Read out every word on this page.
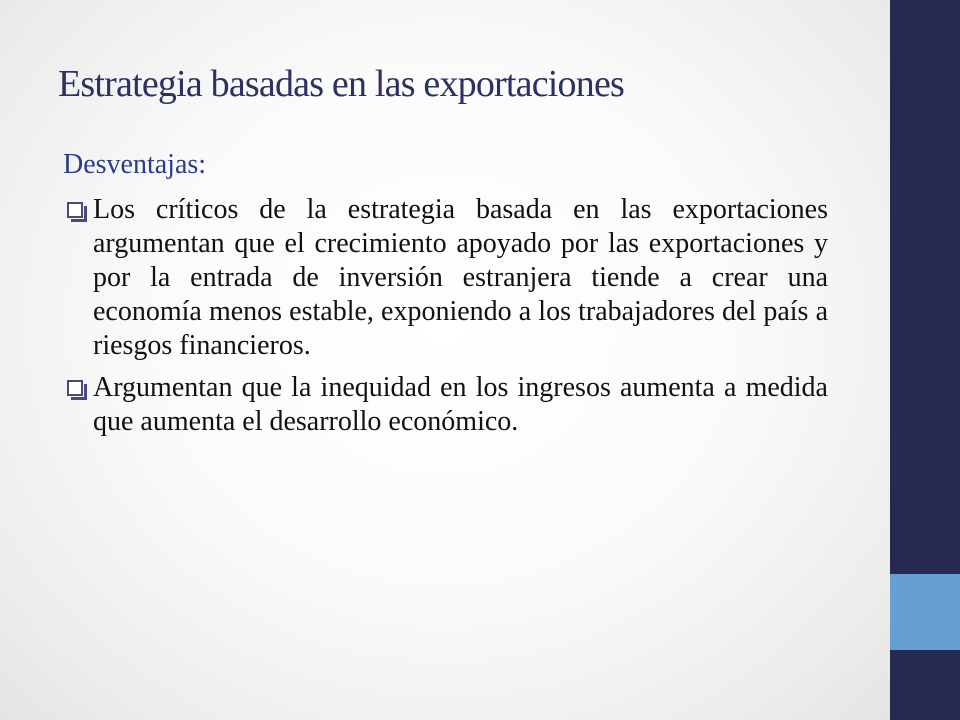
Estrategia basadas en las exportaciones
Desventajas:
Los críticos de la estrategia basada en las exportaciones argumentan que el crecimiento apoyado por las exportaciones y por la entrada de inversión estranjera tiende a crear una economía menos estable, exponiendo a los trabajadores del país a riesgos financieros.
Argumentan que la inequidad en los ingresos aumenta a medida que aumenta el desarrollo económico.
